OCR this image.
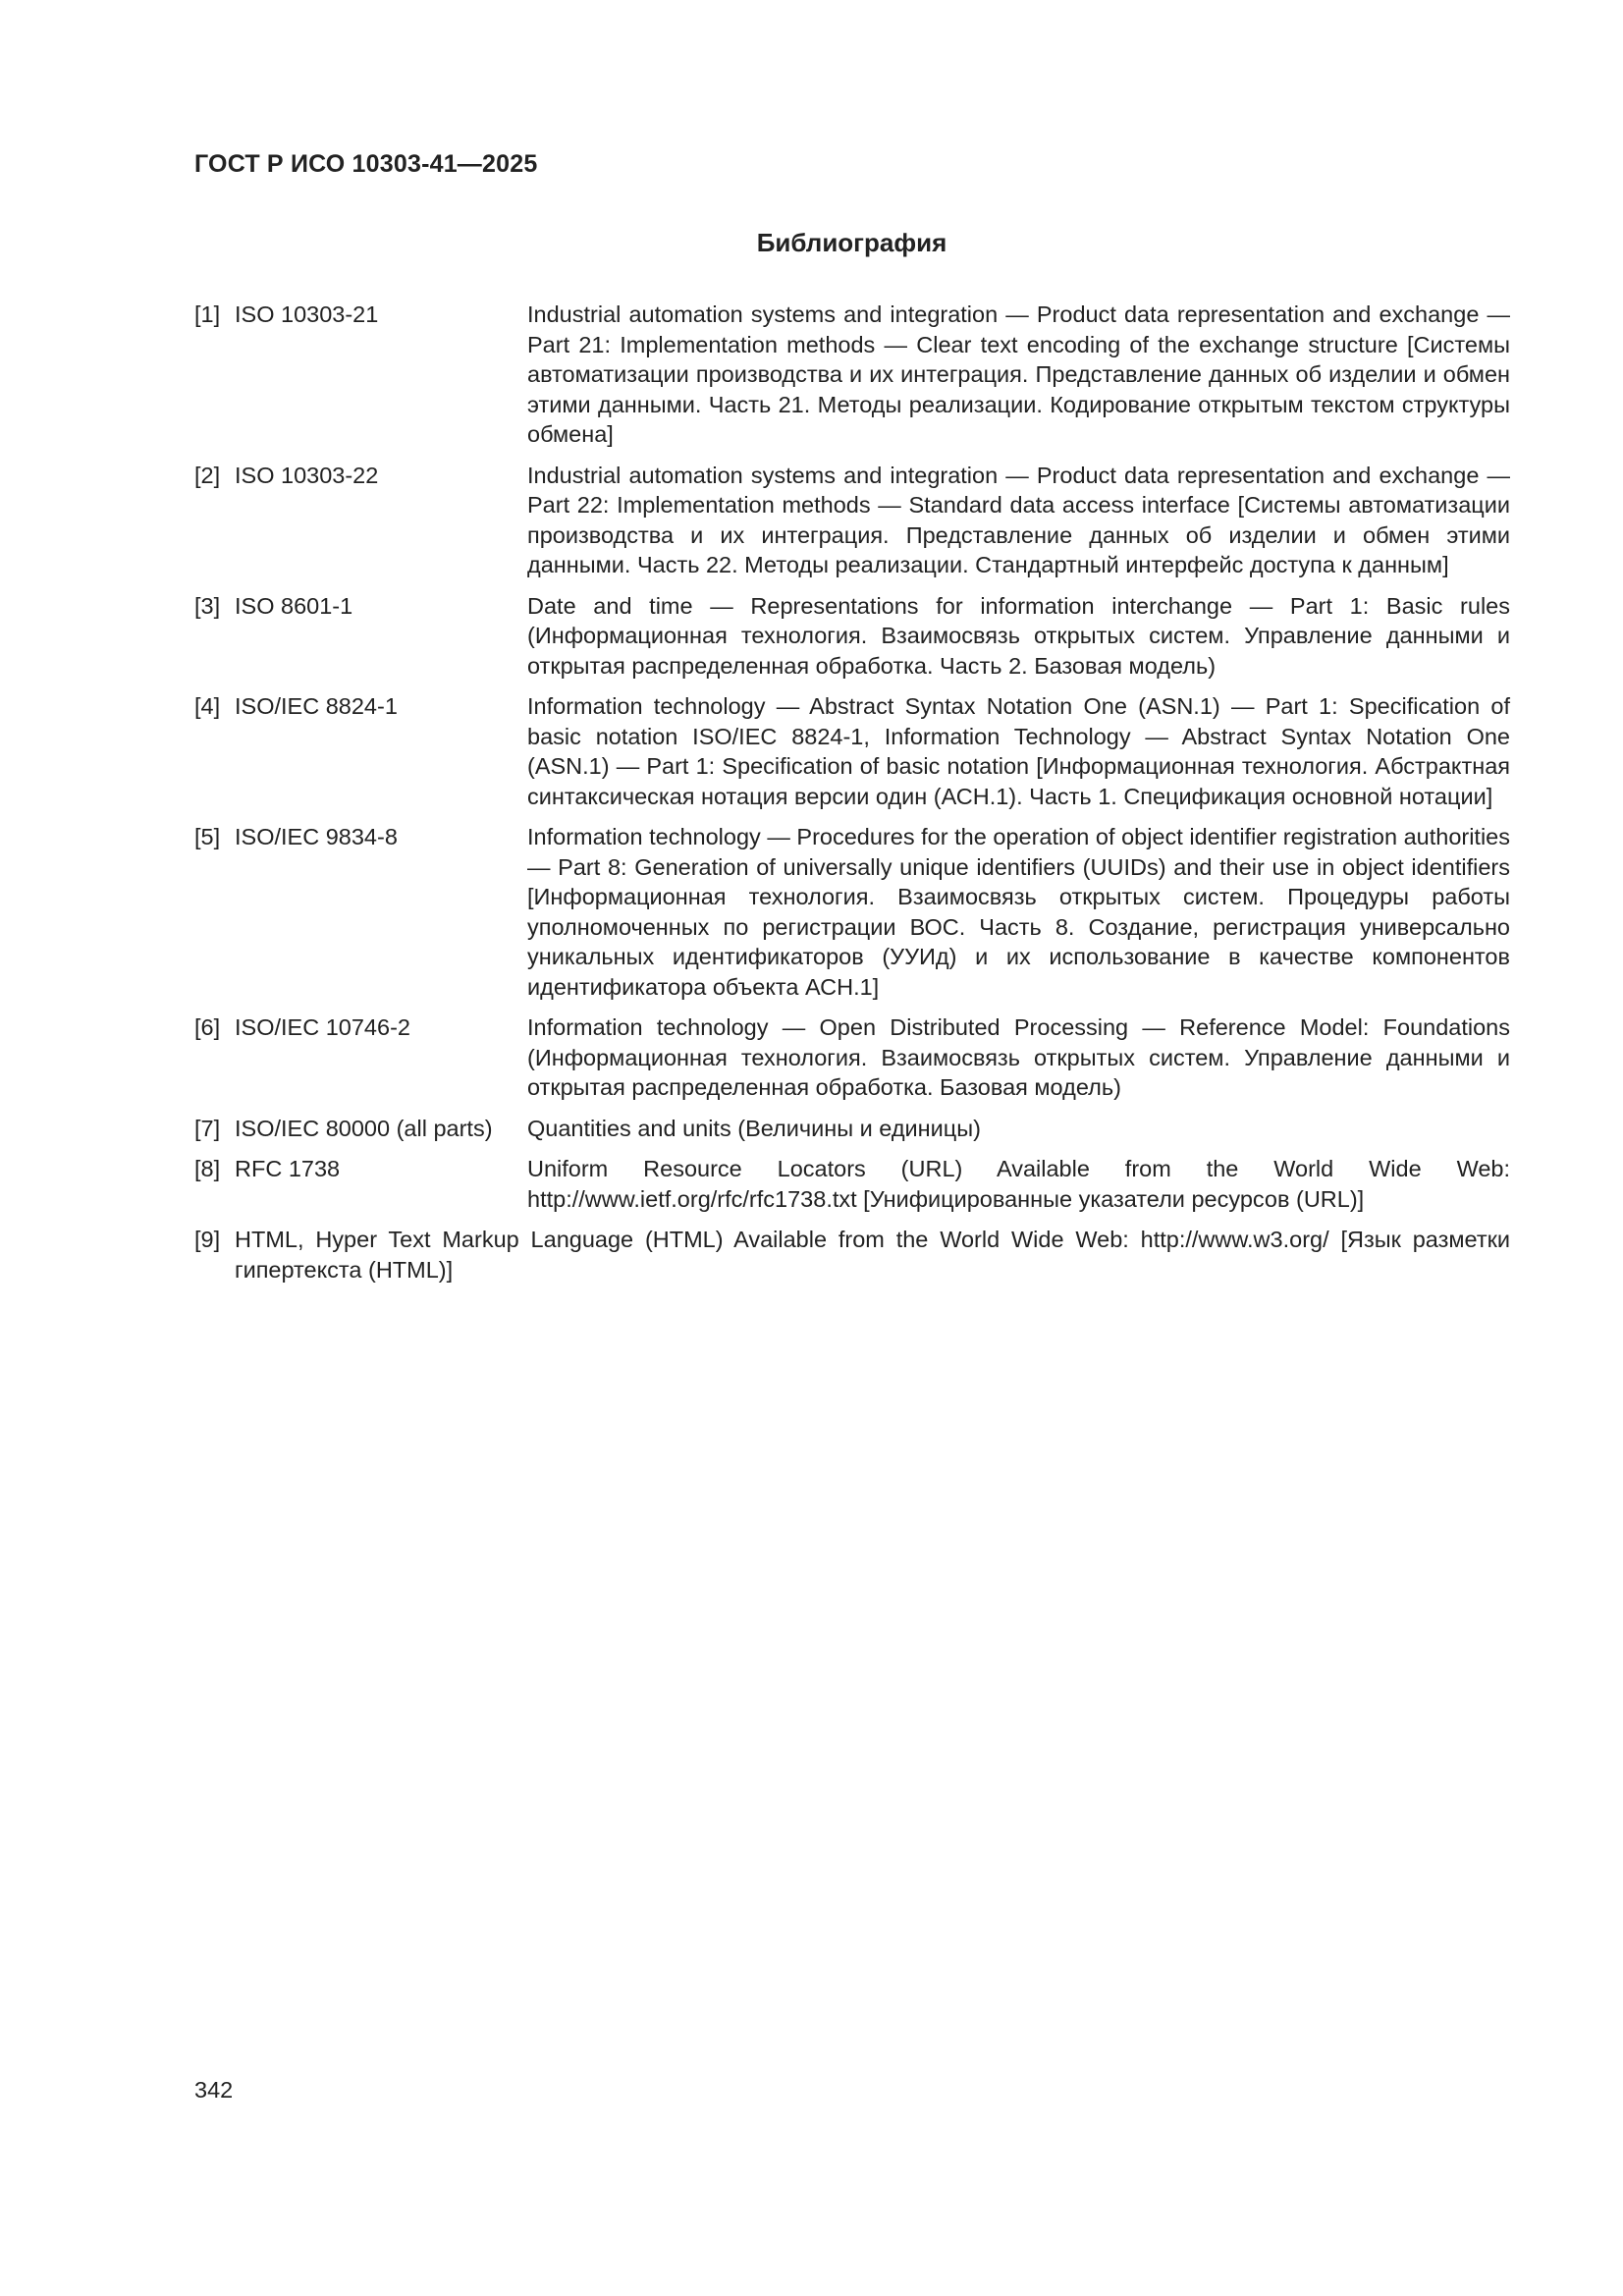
ГОСТ Р ИСО 10303-41—2025
Библиография
[1] ISO 10303-21	Industrial automation systems and integration — Product data representation and exchange — Part 21: Implementation methods — Clear text encoding of the exchange structure [Системы автоматизации производства и их интеграция. Представление данных об изделии и обмен этими данными. Часть 21. Методы реализации. Кодирование открытым текстом структуры обмена]
[2] ISO 10303-22	Industrial automation systems and integration — Product data representation and exchange — Part 22: Implementation methods — Standard data access interface [Системы автоматизации производства и их интеграция. Представление данных об изделии и обмен этими данными. Часть 22. Методы реализации. Стандартный интерфейс доступа к данным]
[3] ISO 8601-1	Date and time — Representations for information interchange — Part 1: Basic rules (Информационная технология. Взаимосвязь открытых систем. Управление данными и открытая распределенная обработка. Часть 2. Базовая модель)
[4] ISO/IEC 8824-1	Information technology — Abstract Syntax Notation One (ASN.1) — Part 1: Specification of basic notation ISO/IEC 8824-1, Information Technology — Abstract Syntax Notation One (ASN.1) — Part 1: Specification of basic notation [Информационная технология. Абстрактная синтаксическая нотация версии один (АСН.1). Часть 1. Спецификация основной нотации]
[5] ISO/IEC 9834-8	Information technology — Procedures for the operation of object identifier registration authorities — Part 8: Generation of universally unique identifiers (UUIDs) and their use in object identifiers [Информационная технология. Взаимосвязь открытых систем. Процедуры работы уполномоченных по регистрации ВОС. Часть 8. Создание, регистрация универсально уникальных идентификаторов (УУИд) и их использование в качестве компонентов идентификатора объекта АСН.1]
[6] ISO/IEC 10746-2	Information technology — Open Distributed Processing — Reference Model: Foundations (Информационная технология. Взаимосвязь открытых систем. Управление данными и открытая распределенная обработка. Базовая модель)
[7] ISO/IEC 80000 (all parts) Quantities and units (Величины и единицы)
[8] RFC 1738	Uniform Resource Locators (URL) Available from the World Wide Web: http://www.ietf.org/rfc/rfc1738.txt [Унифицированные указатели ресурсов (URL)]
[9] HTML, Hyper Text Markup Language (HTML) Available from the World Wide Web: http://www.w3.org/ [Язык разметки гипертекста (HTML)]
342
